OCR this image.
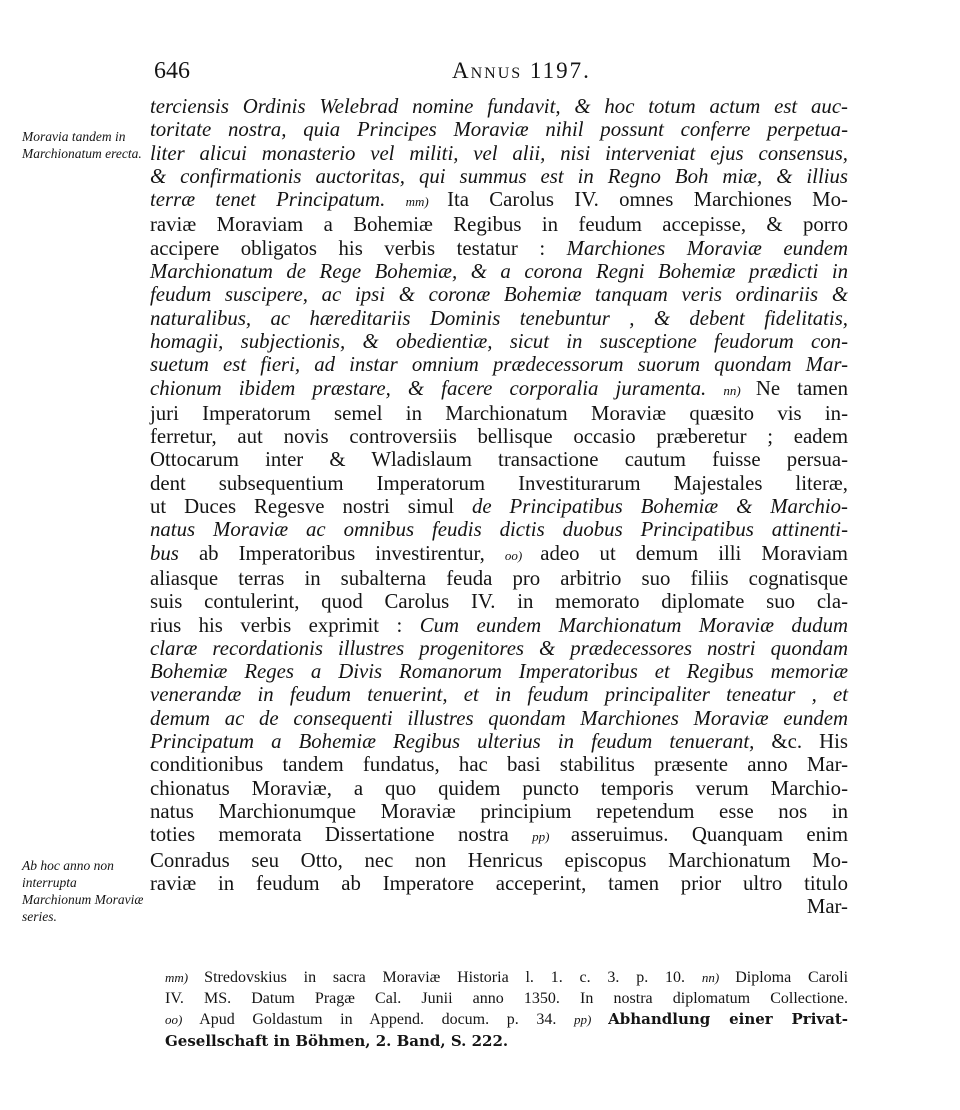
646	Annus 1197.
Moravia tandem in Marchionatum erecta.
Ab hoc anno non interrupta Marchionum Moraviæ series.

terciensis Ordinis Welebrad nomine fundavit, & hoc totum actum est auc-
toritate nostra, quia Principes Moraviæ nihil possunt conferre perpetua-
liter alicui monasterio vel militi, vel alii, nisi interveniat ejus consensus,
& confirmationis auctoritas, qui summus est in Regno Boh miæ, & illius
terræ tenet Principatum. mm) Ita Carolus IV. omnes Marchiones Mo-
raviæ Moraviam a Bohemiæ Regibus in feudum accepisse, & porro
accipere obligatos his verbis testatur : Marchiones Moraviæ eundem
Marchionatum de Rege Bohemiæ, & a corona Regni Bohemiæ prædicti in
feudum suscipere, ac ipsi & coronæ Bohemiæ tanquam veris ordinariis &
naturalibus, ac hæreditariis Dominis tenebuntur , & debent fidelitatis,
homagii, subjectionis, & obedientiæ, sicut in susceptione feudorum con-
suetum est fieri, ad instar omnium prædecessorum suorum quondam Mar-
chionum ibidem præstare, & facere corporalia juramenta. nn) Ne tamen
juri Imperatorum semel in Marchionatum Moraviæ quæsito vis in-
ferretur, aut novis controversiis bellisque occasio præberetur ; eadem
Ottocarum inter & Wladislaum transactione cautum fuisse persua-
dent subsequentium Imperatorum Investiturarum Majestales literæ,
ut Duces Regesve nostri simul de Principatibus Bohemiæ & Marchio-
natus Moraviæ ac omnibus feudis dictis duobus Principatibus attinenti-
bus ab Imperatoribus investirentur, oo) adeo ut demum illi Moraviam
aliasque terras in subalterna feuda pro arbitrio suo filiis cognatisque
suis contulerint, quod Carolus IV. in memorato diplomate suo cla-
rius his verbis exprimit : Cum eundem Marchionatum Moraviæ dudum
claræ recordationis illustres progenitores & prædecessores nostri quondam
Bohemiæ Reges a Divis Romanorum Imperatoribus et Regibus memoriæ
venerandæ in feudum tenuerint, et in feudum principaliter teneatur , et
demum ac de consequenti illustres quondam Marchiones Moraviæ eundem
Principatum a Bohemiæ Regibus ulterius in feudum tenuerant, &c. His
conditionibus tandem fundatus, hac basi stabilitus præsente anno Mar-
chionatus Moraviæ, a quo quidem puncto temporis verum Marchio-
natus Marchionumque Moraviæ principium repetendum esse nos in
toties memorata Dissertatione nostra pp) asseruimus. Quanquam enim
Conradus seu Otto, nec non Henricus episcopus Marchionatum Mo-
raviæ in feudum ab Imperatore acceperint, tamen prior ultro titulo
Mar-

mm) Stredovskius in sacra Moraviæ Historia l. 1. c. 3. p. 10. nn) Diploma Caroli
IV. MS. Datum Pragæ Cal. Junii anno 1350. In nostra diplomatum Collectione.
oo) Apud Goldastum in Append. docum. p. 34. pp) Abhandlung einer Privat-
Gesellschaft in Böhmen, 2. Band, S. 222.
